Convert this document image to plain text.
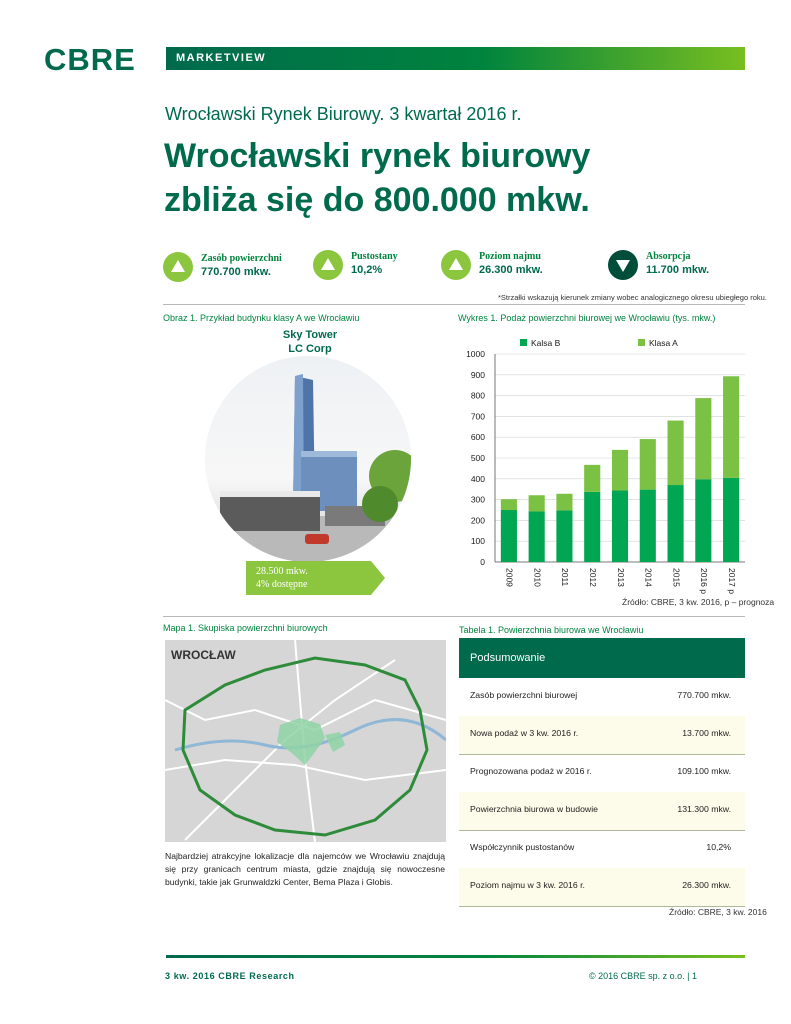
CBRE	MARKETVIEW
Wrocławski Rynek Biurowy. 3 kwartał 2016 r.
Wrocławski rynek biurowy
zbliża się do 800.000 mkw.
Zasób powierzchni
770.700 mkw.
Pustostany
10,2%
Poziom najmu
26.300 mkw.
Absorpcja
11.700 mkw.
*Strzałki wskazują kierunek zmiany wobec analogicznego okresu ubiegłego roku.
Obraz 1. Przykład budynku klasy A we Wrocławiu
Sky Tower
LC Corp
28.500 mkw.
4% dostępne
Wykres 1. Podaż powierzchni biurowej we Wrocławiu (tys. mkw.)
0
100
200
300
400
500
600
700
800
900
1000
2009 2010 2011 2012 2013 2014 2015 2016 p 2017 p
Kalsa B	Klasa A
Źródło: CBRE, 3 kw. 2016, p – prognoza
Mapa 1. Skupiska powierzchni biurowych
WROCŁAW
Najbardziej atrakcyjne lokalizacje dla najemców we Wrocławiu znajdują się przy granicach centrum miasta, gdzie znajdują się nowoczesne budynki, takie jak Grunwaldzki Center, Bema Plaza i Globis.
Tabela 1. Powierzchnia biurowa we Wrocławiu
Podsumowanie
Zasób powierzchni biurowej	770.700 mkw.
Nowa podaż w 3 kw. 2016 r.	13.700 mkw.
Prognozowana podaż w 2016 r.	109.100 mkw.
Powierzchnia biurowa w budowie	131.300 mkw.
Współczynnik pustostanów	10,2%
Poziom najmu w 3 kw. 2016 r.	26.300 mkw.
Źródło: CBRE, 3 kw. 2016
3 kw. 2016 CBRE Research	© 2016 CBRE sp. z o.o. | 1
